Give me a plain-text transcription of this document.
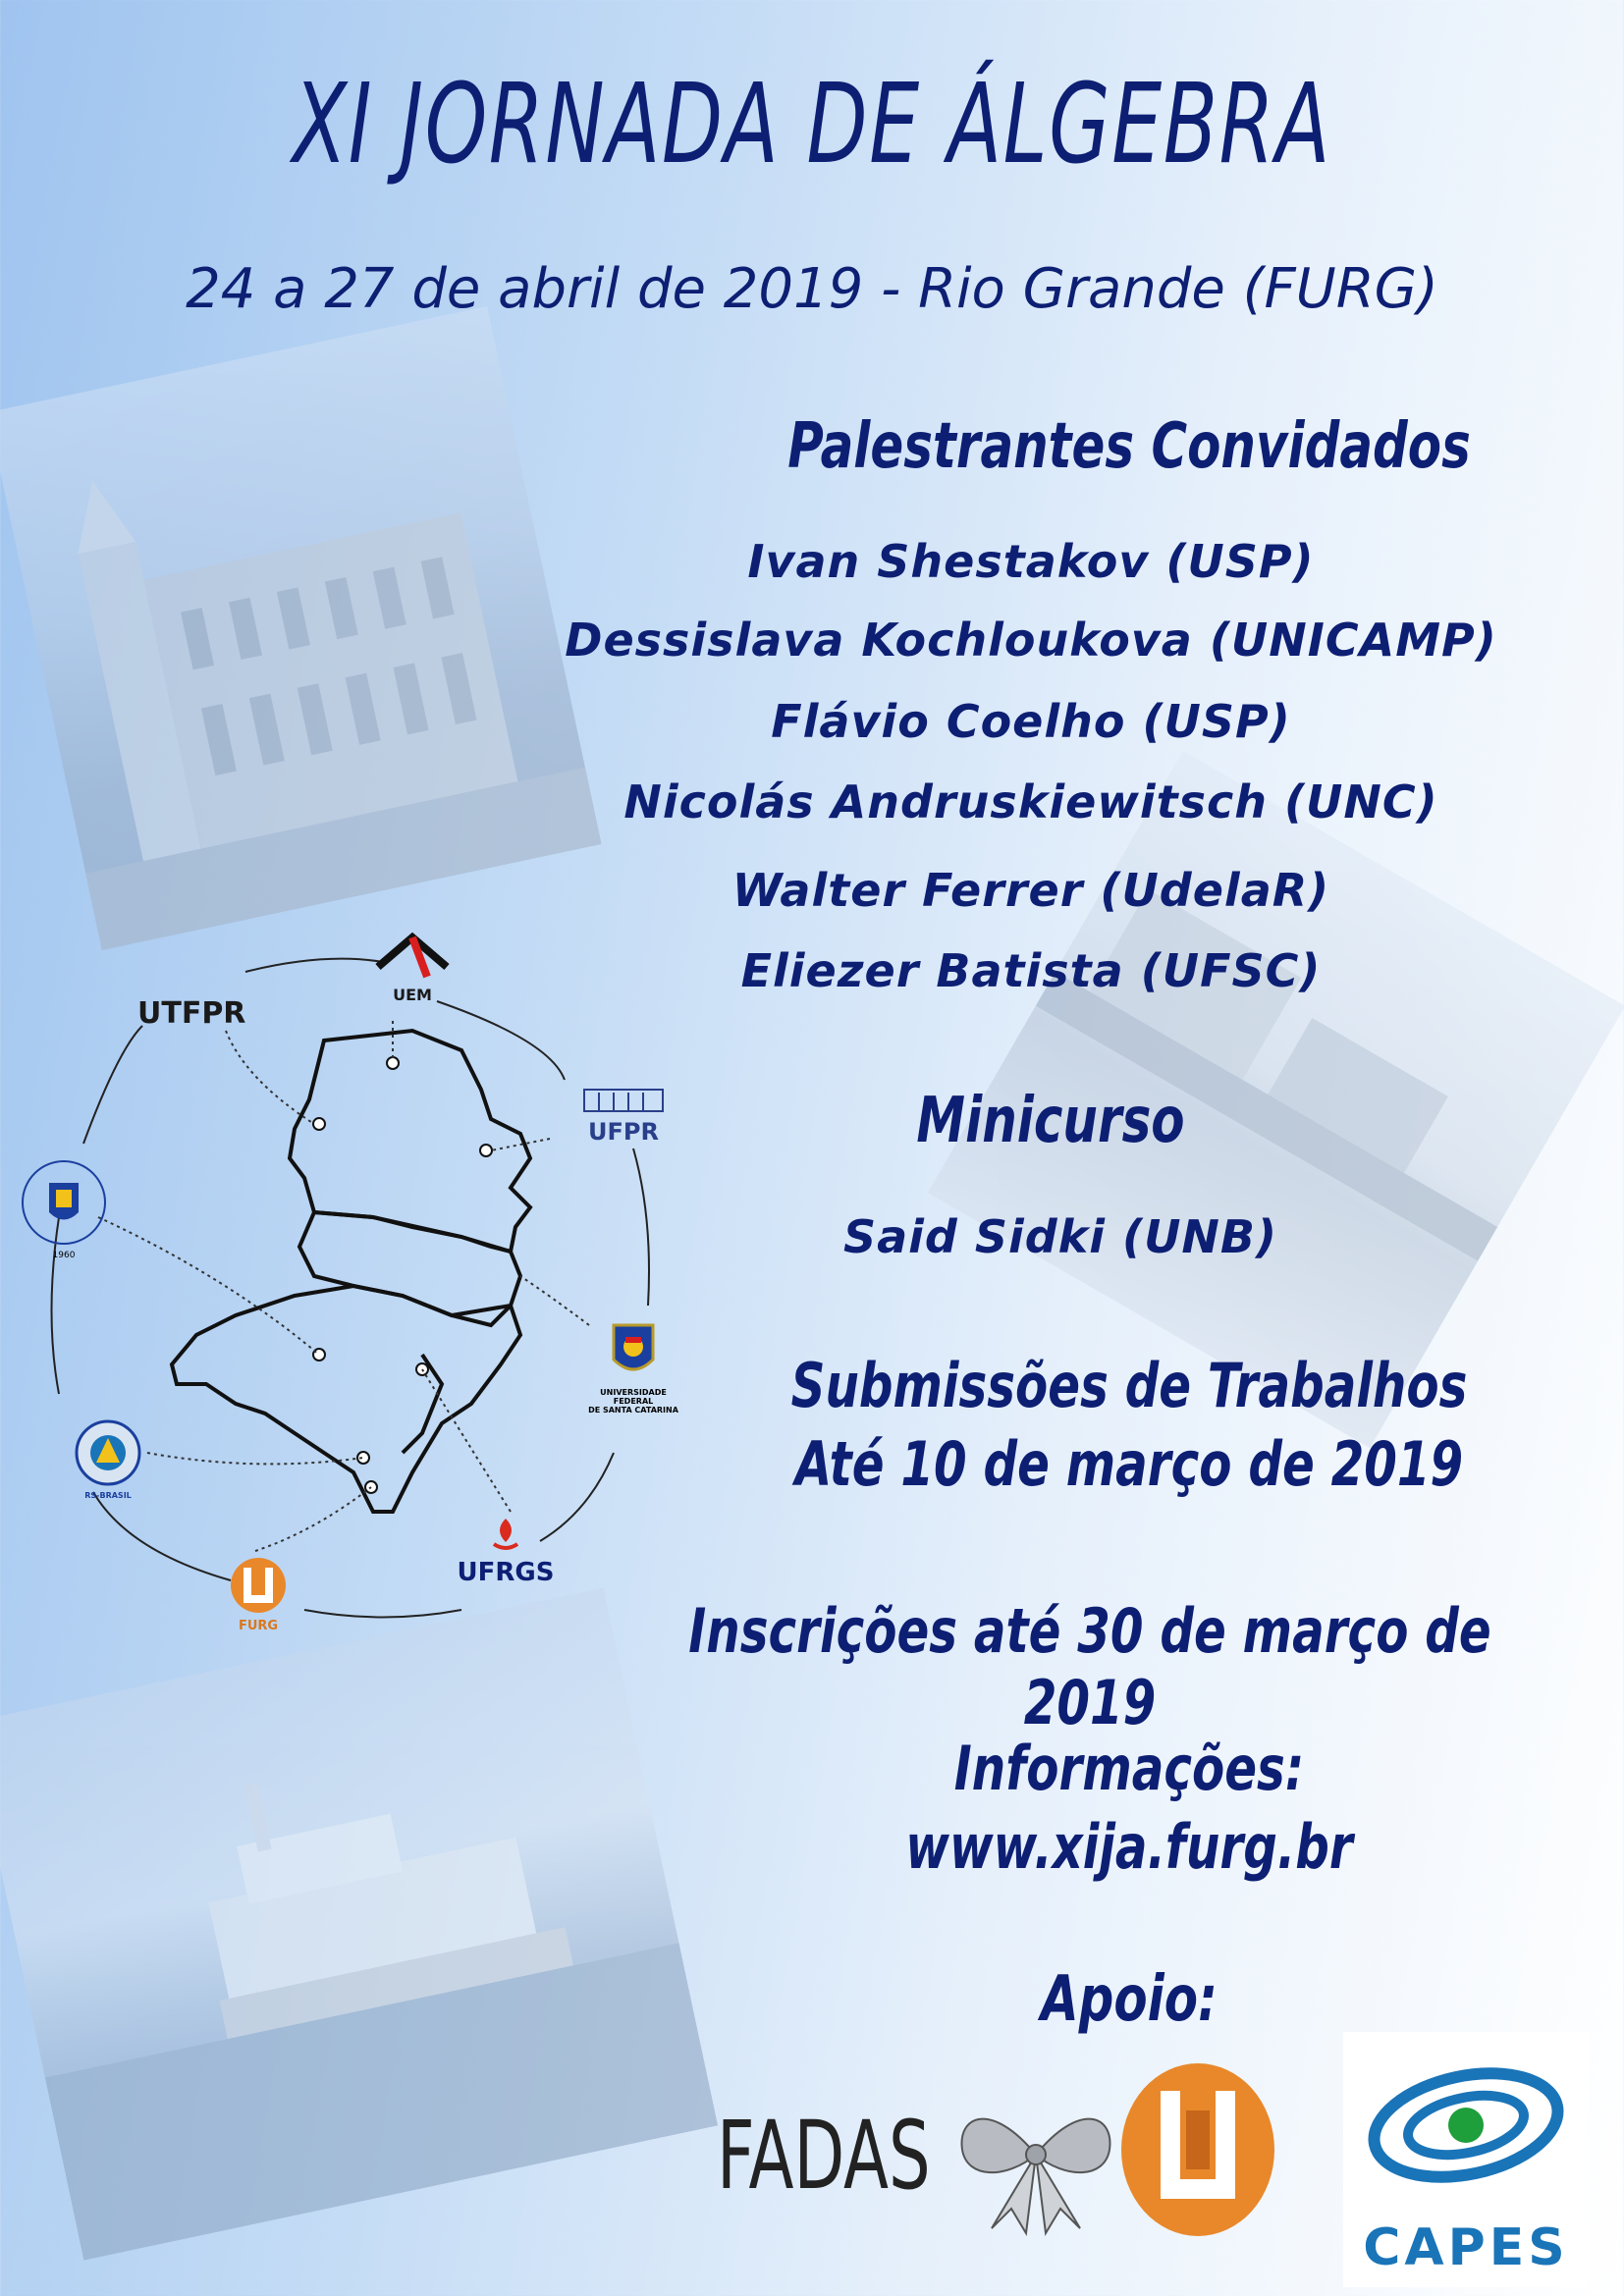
XI JORNADA DE ÁLGEBRA
24 a 27 de abril de 2019 - Rio Grande (FURG)
Palestrantes Convidados
Ivan Shestakov (USP)
Dessislava Kochloukova (UNICAMP)
Flávio Coelho (USP)
Nicolás Andruskiewitsch (UNC)
Walter Ferrer (UdelaR)
Eliezer Batista (UFSC)
Minicurso
Said Sidki (UNB)
Submissões de Trabalhos
Até 10 de março de 2019
Inscrições até 30 de março de 2019
Informações:
www.xija.furg.br
Apoio:
FADAS
CAPES
UEM
UTFPR
UFPR
UNIVERSIDADE FEDERAL
DE SANTA CATARINA
UFRGS
FURG
RS-BRASIL
1960
